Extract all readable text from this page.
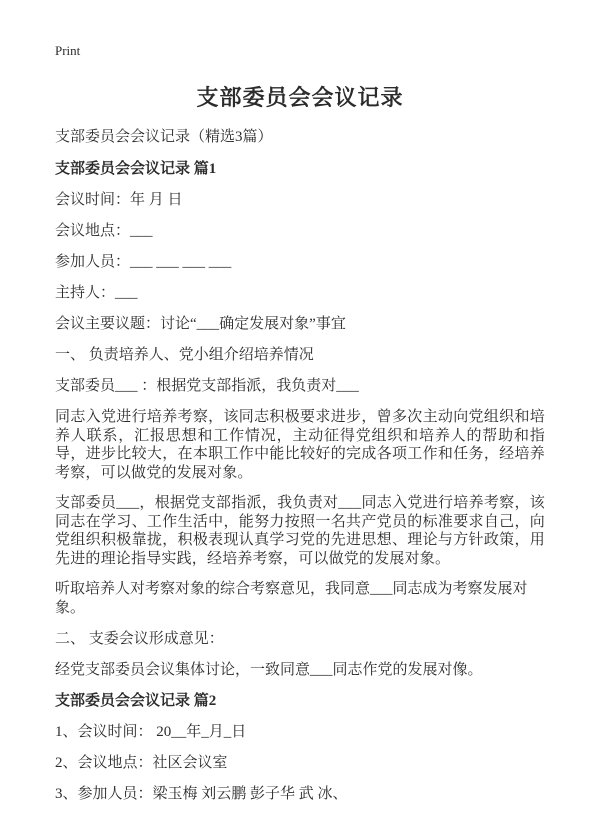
Print
支部委员会会议记录
支部委员会会议记录（精选3篇）
支部委员会会议记录 篇1
会议时间：年 月 日
会议地点：___
参加人员：___ ___ ___ ___
主持人：___
会议主要议题：讨论“___确定发展对象”事宜
一、 负责培养人、党小组介绍培养情况
支部委员___ ：根据党支部指派，我负责对___
同志入党进行培养考察，该同志积极要求进步，曾多次主动向党组织和培养人联系，汇报思想和工作情况，主动征得党组织和培养人的帮助和指导，进步比较大，在本职工作中能比较好的完成各项工作和任务，经培养考察，可以做党的发展对象。
支部委员___，根据党支部指派，我负责对___同志入党进行培养考察，该同志在学习、工作生活中，能努力按照一名共产党员的标准要求自己，向党组织积极靠拢，积极表现认真学习党的先进思想、理论与方针政策，用先进的理论指导实践，经培养考察，可以做党的发展对象。
听取培养人对考察对象的综合考察意见，我同意___同志成为考察发展对象。
二、 支委会议形成意见：
经党支部委员会议集体讨论，一致同意___同志作党的发展对像。
支部委员会会议记录 篇2
1、会议时间： 20__年_月_日
2、会议地点：社区会议室
3、参加人员：梁玉梅 刘云鹏 彭子华 武 冰、
